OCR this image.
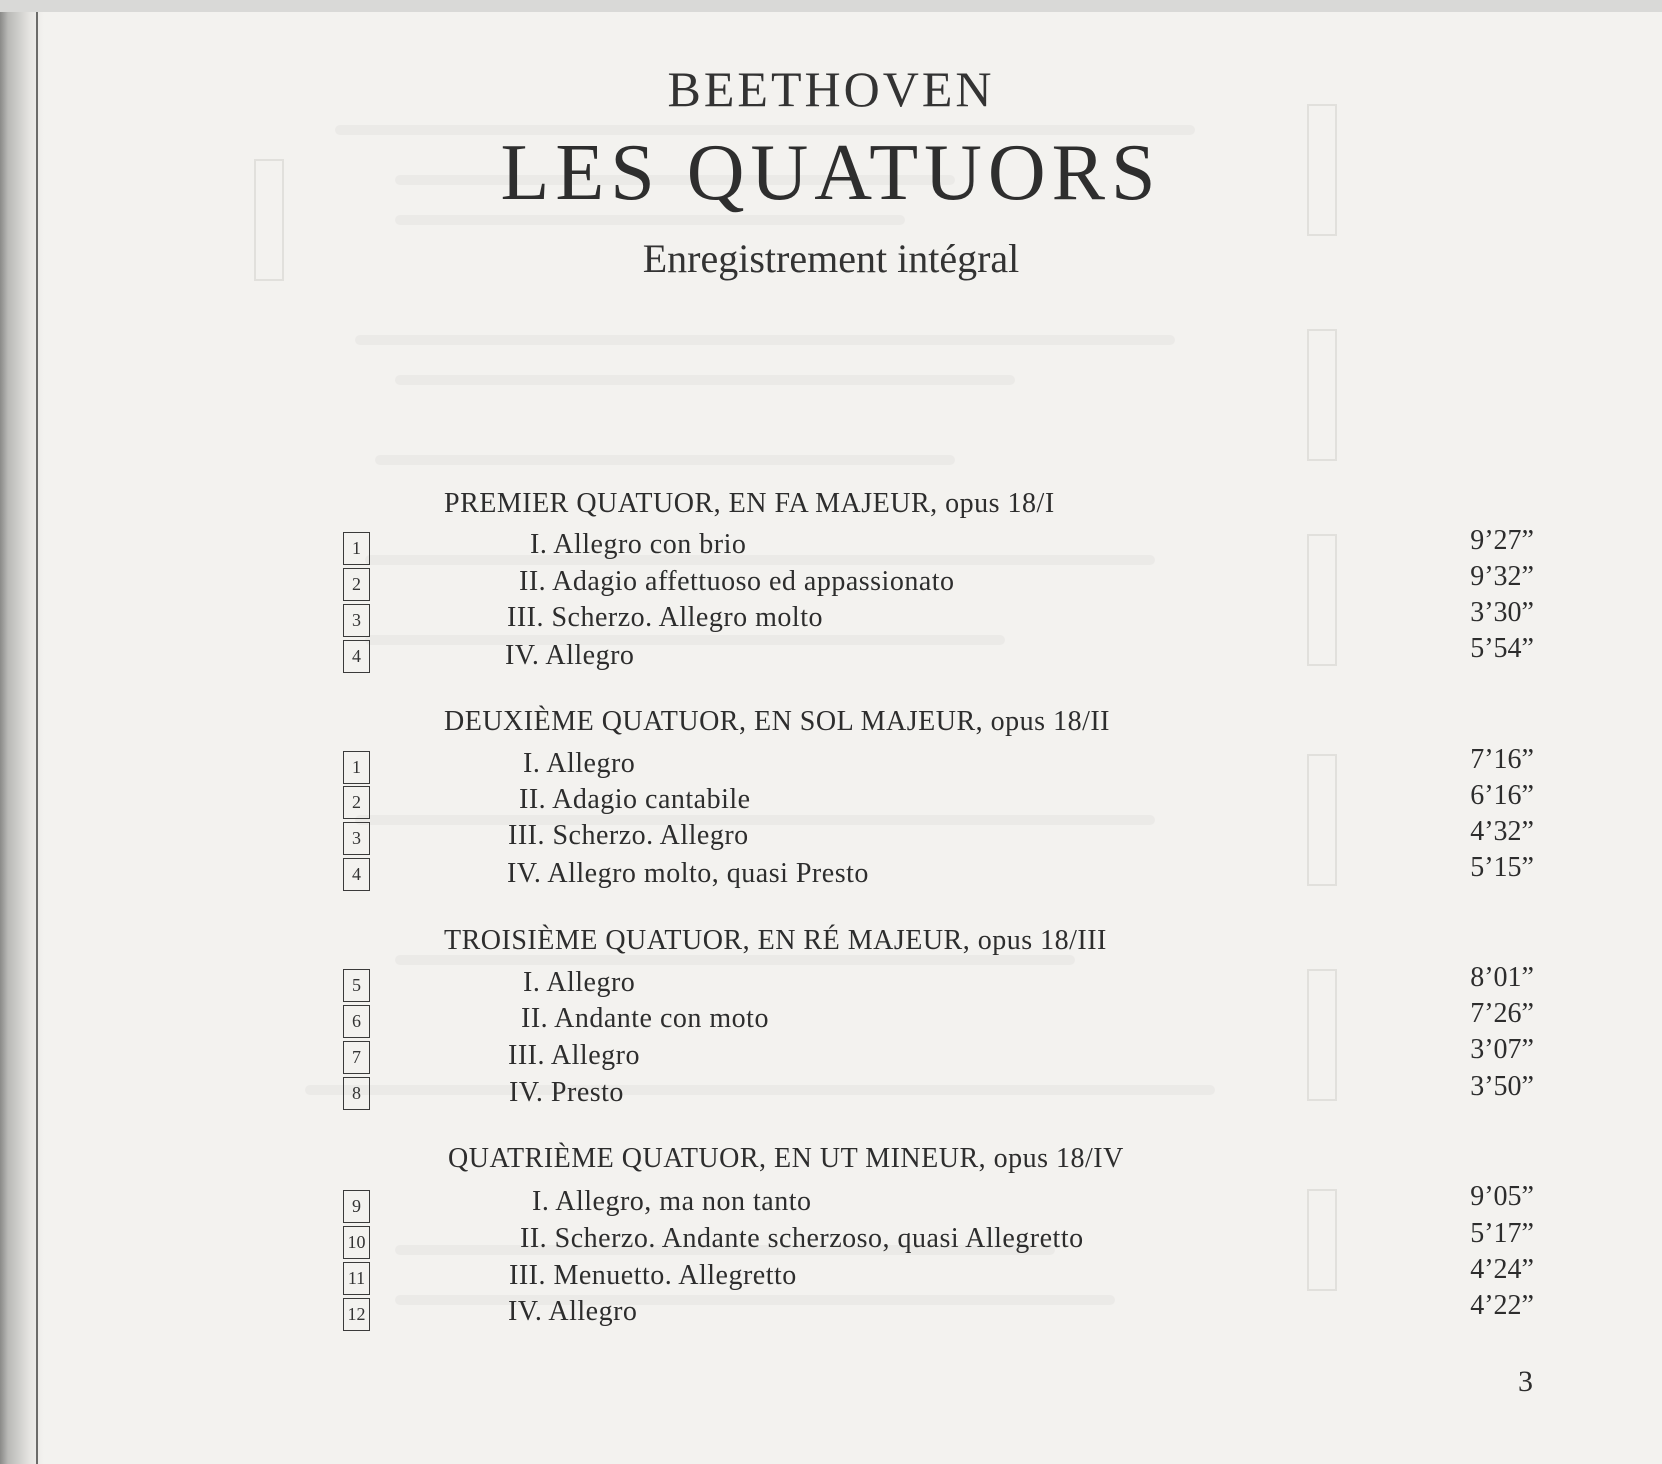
BEETHOVEN
LES QUATUORS
Enregistrement intégral
PREMIER QUATUOR, EN FA MAJEUR, opus 18/I
1	I. Allegro con brio	9’27”
2	II. Adagio affettuoso ed appassionato	9’32”
3	III. Scherzo. Allegro molto	3’30”
4	IV. Allegro	5’54”
DEUXIÈME QUATUOR, EN SOL MAJEUR, opus 18/II
1	I. Allegro	7’16”
2	II. Adagio cantabile	6’16”
3	III. Scherzo. Allegro	4’32”
4	IV. Allegro molto, quasi Presto	5’15”
TROISIÈME QUATUOR, EN RÉ MAJEUR, opus 18/III
5	I. Allegro	8’01”
6	II. Andante con moto	7’26”
7	III. Allegro	3’07”
8	IV. Presto	3’50”
QUATRIÈME QUATUOR, EN UT MINEUR, opus 18/IV
9	I. Allegro, ma non tanto	9’05”
10	II. Scherzo. Andante scherzoso, quasi Allegretto	5’17”
11	III. Menuetto. Allegretto	4’24”
12	IV. Allegro	4’22”
3
